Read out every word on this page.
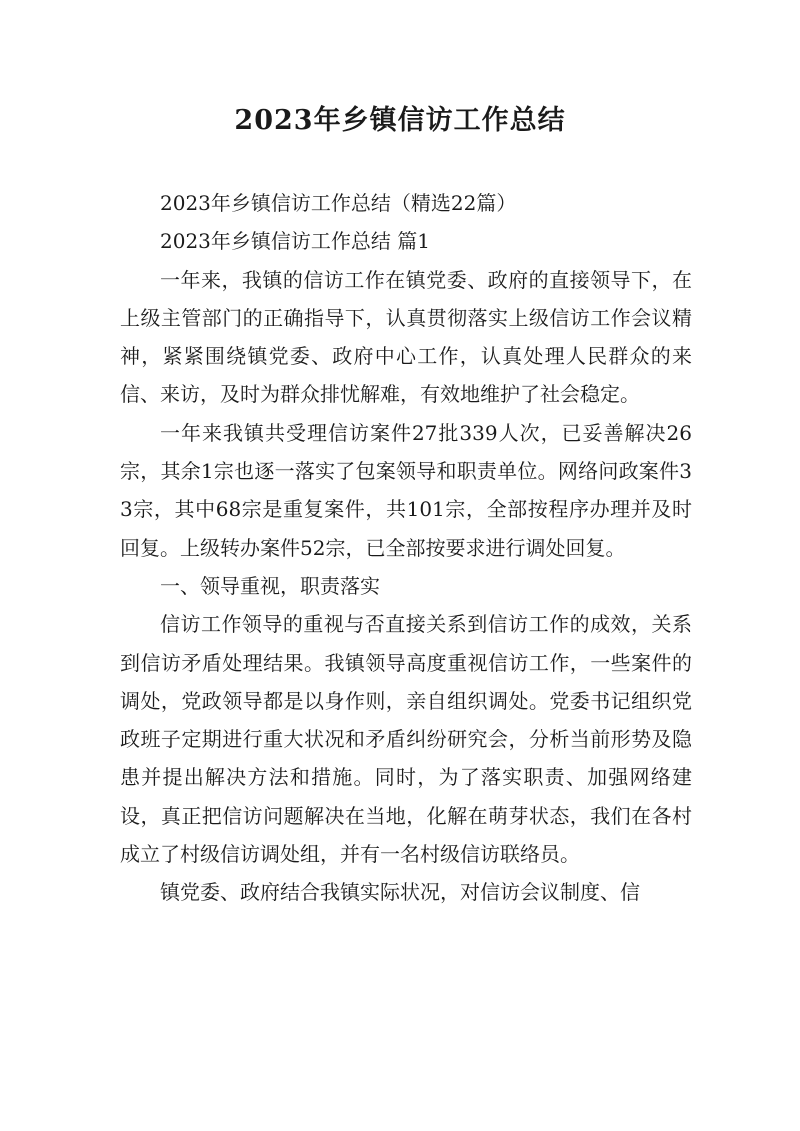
2023年乡镇信访工作总结

2023年乡镇信访工作总结（精选22篇）

2023年乡镇信访工作总结 篇1

一年来，我镇的信访工作在镇党委、政府的直接领导下，在上级主管部门的正确指导下，认真贯彻落实上级信访工作会议精神，紧紧围绕镇党委、政府中心工作，认真处理人民群众的来信、来访，及时为群众排忧解难，有效地维护了社会稳定。

一年来我镇共受理信访案件27批339人次，已妥善解决26宗，其余1宗也逐一落实了包案领导和职责单位。网络问政案件33宗，其中68宗是重复案件，共101宗，全部按程序办理并及时回复。上级转办案件52宗，已全部按要求进行调处回复。

一、领导重视，职责落实

信访工作领导的重视与否直接关系到信访工作的成效，关系到信访矛盾处理结果。我镇领导高度重视信访工作，一些案件的调处，党政领导都是以身作则，亲自组织调处。党委书记组织党政班子定期进行重大状况和矛盾纠纷研究会，分析当前形势及隐患并提出解决方法和措施。同时，为了落实职责、加强网络建设，真正把信访问题解决在当地，化解在萌芽状态，我们在各村成立了村级信访调处组，并有一名村级信访联络员。

镇党委、政府结合我镇实际状况，对信访会议制度、信
